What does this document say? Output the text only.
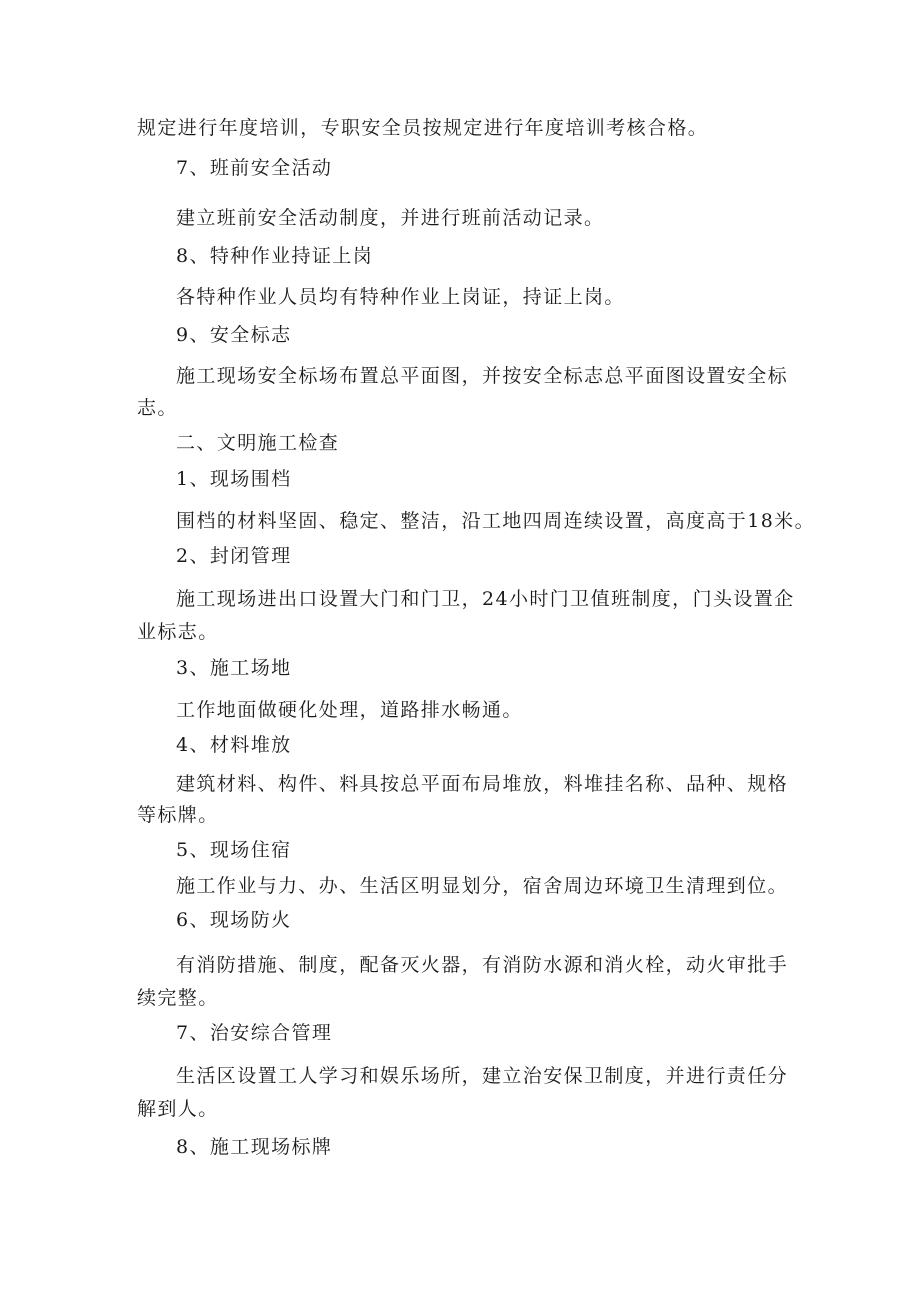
规定进行年度培训，专职安全员按规定进行年度培训考核合格。
7、班前安全活动
建立班前安全活动制度，并进行班前活动记录。
8、特种作业持证上岗
各特种作业人员均有特种作业上岗证，持证上岗。
9、安全标志
施工现场安全标场布置总平面图，并按安全标志总平面图设置安全标
志。
二、文明施工检查
1、现场围档
围档的材料坚固、稳定、整洁，沿工地四周连续设置，高度高于18米。
2、封闭管理
施工现场进出口设置大门和门卫，24小时门卫值班制度，门头设置企
业标志。
3、施工场地
工作地面做硬化处理，道路排水畅通。
4、材料堆放
建筑材料、构件、料具按总平面布局堆放，料堆挂名称、品种、规格
等标牌。
5、现场住宿
施工作业与力、办、生活区明显划分，宿舍周边环境卫生清理到位。
6、现场防火
有消防措施、制度，配备灭火器，有消防水源和消火栓，动火审批手
续完整。
7、治安综合管理
生活区设置工人学习和娱乐场所，建立治安保卫制度，并进行责任分
解到人。
8、施工现场标牌
